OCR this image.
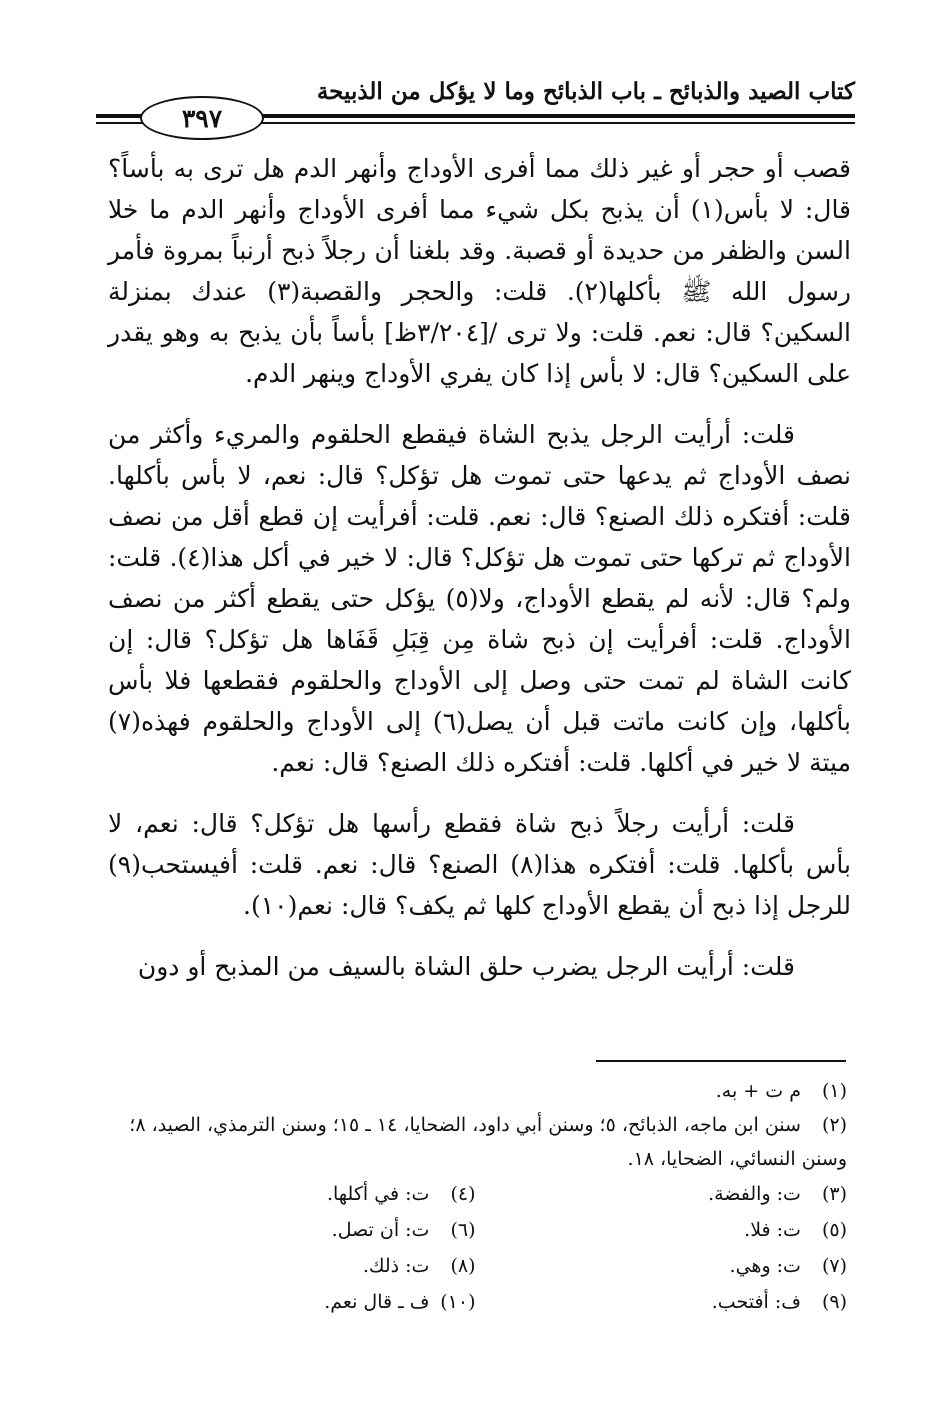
كتاب الصيد والذبائح ـ باب الذبائح وما لا يؤكل من الذبيحة
٣٩٧

قصب أو حجر أو غير ذلك مما أفرى الأوداج وأنهر الدم هل ترى به بأساً؟ قال: لا بأس(١) أن يذبح بكل شيء مما أفرى الأوداج وأنهر الدم ما خلا السن والظفر من حديدة أو قصبة. وقد بلغنا أن رجلاً ذبح أرنباً بمروة فأمر رسول الله ﷺ بأكلها(٢). قلت: والحجر والقصبة(٣) عندك بمنزلة السكين؟ قال: نعم. قلت: ولا ترى /[٣/٢٠٤ظ] بأساً بأن يذبح به وهو يقدر على السكين؟ قال: لا بأس إذا كان يفري الأوداج وينهر الدم.

قلت: أرأيت الرجل يذبح الشاة فيقطع الحلقوم والمريء وأكثر من نصف الأوداج ثم يدعها حتى تموت هل تؤكل؟ قال: نعم، لا بأس بأكلها. قلت: أفتكره ذلك الصنع؟ قال: نعم. قلت: أفرأيت إن قطع أقل من نصف الأوداج ثم تركها حتى تموت هل تؤكل؟ قال: لا خير في أكل هذا(٤). قلت: ولم؟ قال: لأنه لم يقطع الأوداج، ولا(٥) يؤكل حتى يقطع أكثر من نصف الأوداج. قلت: أفرأيت إن ذبح شاة مِن قِبَلِ قَفَاها هل تؤكل؟ قال: إن كانت الشاة لم تمت حتى وصل إلى الأوداج والحلقوم فقطعها فلا بأس بأكلها، وإن كانت ماتت قبل أن يصل(٦) إلى الأوداج والحلقوم فهذه(٧) ميتة لا خير في أكلها. قلت: أفتكره ذلك الصنع؟ قال: نعم.

قلت: أرأيت رجلاً ذبح شاة فقطع رأسها هل تؤكل؟ قال: نعم، لا بأس بأكلها. قلت: أفتكره هذا(٨) الصنع؟ قال: نعم. قلت: أفيستحب(٩) للرجل إذا ذبح أن يقطع الأوداج كلها ثم يكف؟ قال: نعم(١٠).

قلت: أرأيت الرجل يضرب حلق الشاة بالسيف من المذبح أو دون

(١) م ت + به.
(٢) سنن ابن ماجه، الذبائح، ٥؛ وسنن أبي داود، الضحايا، ١٤ ـ ١٥؛ وسنن الترمذي، الصيد، ٨؛ وسنن النسائي، الضحايا، ١٨.
(٣) ت: والفضة.
(٤) ت: في أكلها.
(٥) ت: فلا.
(٦) ت: أن تصل.
(٧) ت: وهي.
(٨) ت: ذلك.
(٩) ف: أفتحب.
(١٠) ف ـ قال نعم.
